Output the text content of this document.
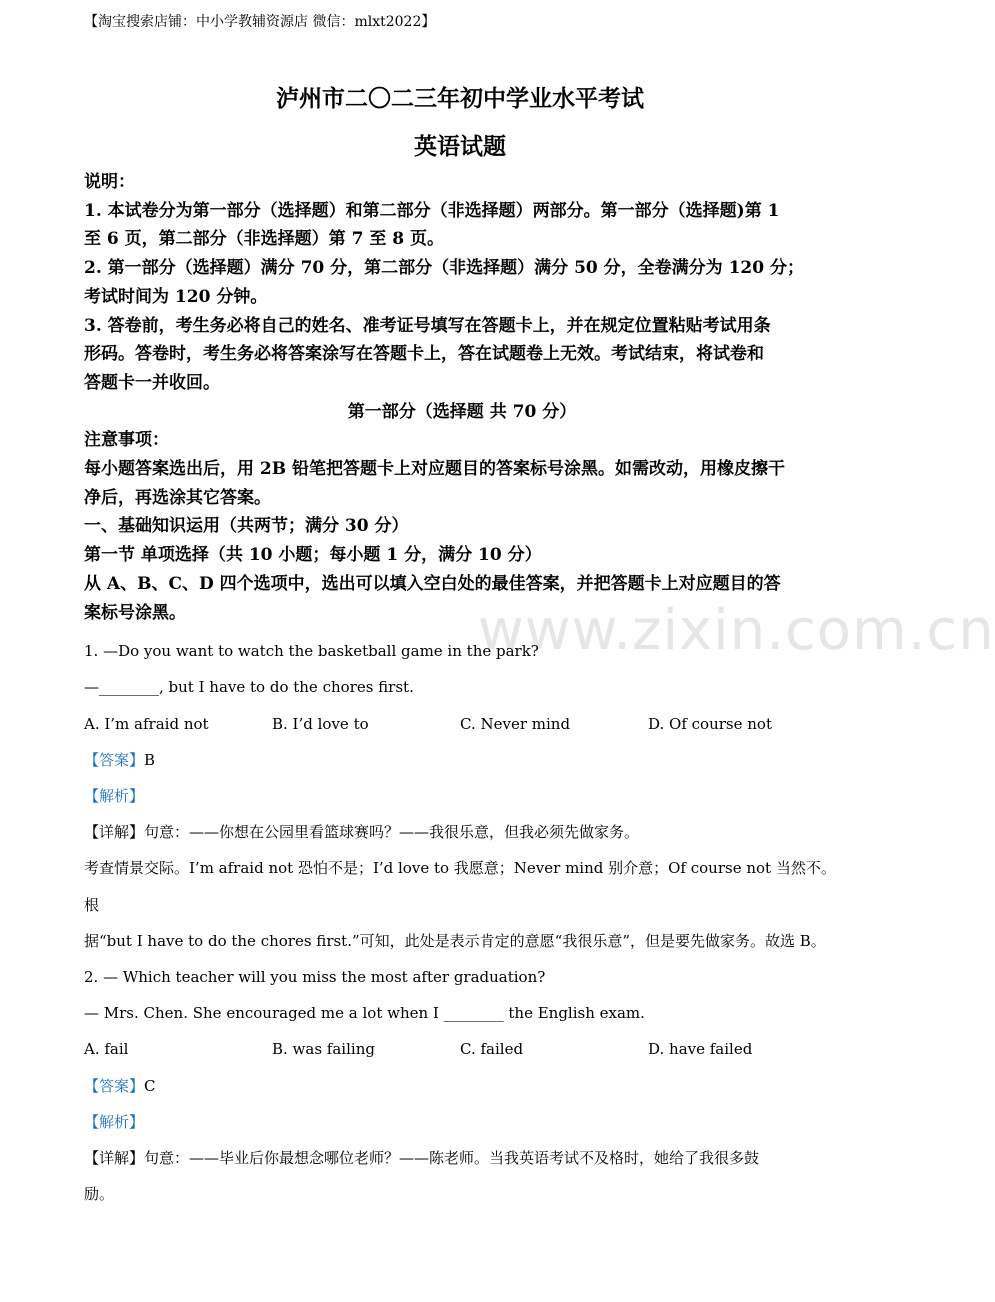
【淘宝搜索店铺：中小学教辅资源店 微信：mlxt2022】
www.zixin.com.cn
泸州市二〇二三年初中学业水平考试
英语试题
说明：
1. 本试卷分为第一部分（选择题）和第二部分（非选择题）两部分。第一部分（选择题)第 1
至 6 页，第二部分（非选择题）第 7 至 8 页。
2. 第一部分（选择题）满分 70 分，第二部分（非选择题）满分 50 分，全卷满分为 120 分；
考试时间为 120 分钟。
3. 答卷前，考生务必将自己的姓名、准考证号填写在答题卡上，并在规定位置粘贴考试用条
形码。答卷时，考生务必将答案涂写在答题卡上，答在试题卷上无效。考试结束，将试卷和
答题卡一并收回。
第一部分（选择题 共 70 分）
注意事项：
每小题答案选出后，用 2B 铅笔把答题卡上对应题目的答案标号涂黑。如需改动，用橡皮擦干
净后，再选涂其它答案。
一、基础知识运用（共两节；满分 30 分）
第一节 单项选择（共 10 小题；每小题 1 分，满分 10 分）
从 A、B、C、D 四个选项中，选出可以填入空白处的最佳答案，并把答题卡上对应题目的答
案标号涂黑。
1. —Do you want to watch the basketball game in the park?
—________, but I have to do the chores first.
A. I’m afraid not	B. I’d love to	C. Never mind	D. Of course not
【答案】B
【解析】
【详解】句意：——你想在公园里看篮球赛吗？——我很乐意，但我必须先做家务。
考查情景交际。I’m afraid not 恐怕不是；I’d love to 我愿意；Never mind 别介意；Of course not 当然不。根
据“but I have to do the chores first.”可知，此处是表示肯定的意愿“我很乐意”，但是要先做家务。故选 B。
2. — Which teacher will you miss the most after graduation?
— Mrs. Chen. She encouraged me a lot when I ________ the English exam.
A. fail	B. was failing	C. failed	D. have failed
【答案】C
【解析】
【详解】句意：——毕业后你最想念哪位老师？——陈老师。当我英语考试不及格时，她给了我很多鼓
励。
